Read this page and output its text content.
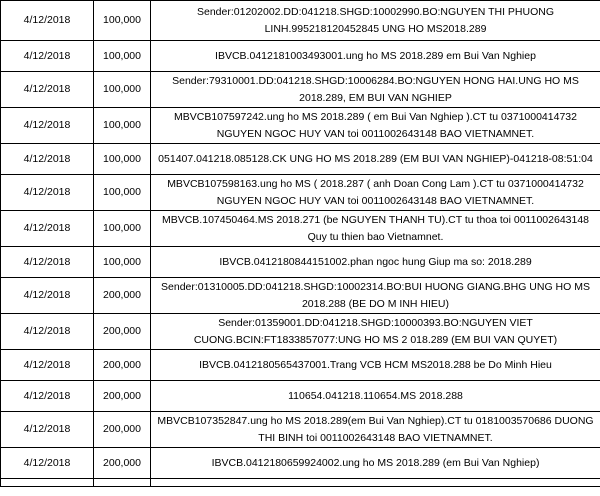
4/12/2018	100,000	Sender:01202002.DD:041218.SHGD:10002990.BO:NGUYEN THI PHUONG LINH.995218120452845 UNG HO MS2018.289
4/12/2018	100,000	IBVCB.0412181003493001.ung ho MS 2018.289 em Bui Van Nghiep
4/12/2018	100,000	Sender:79310001.DD:041218.SHGD:10006284.BO:NGUYEN HONG HAI.UNG HO MS 2018.289, EM BUI VAN NGHIEP
4/12/2018	100,000	MBVCB107597242.ung ho MS 2018.289 ( em Bui Van Nghiep ).CT tu 0371000414732 NGUYEN NGOC HUY VAN toi 0011002643148 BAO VIETNAMNET.
4/12/2018	100,000	051407.041218.085128.CK UNG HO MS 2018.289 (EM BUI VAN NGHIEP)-041218-08:51:04
4/12/2018	100,000	MBVCB107598163.ung ho MS ( 2018.287 ( anh Doan Cong Lam ).CT tu 0371000414732 NGUYEN NGOC HUY VAN toi 0011002643148 BAO VIETNAMNET.
4/12/2018	100,000	MBVCB.107450464.MS 2018.271 (be NGUYEN THANH TU).CT tu thoa toi 0011002643148 Quy tu thien bao Vietnamnet.
4/12/2018	100,000	IBVCB.0412180844151002.phan ngoc hung Giup ma so: 2018.289
4/12/2018	200,000	Sender:01310005.DD:041218.SHGD:10002314.BO:BUI HUONG GIANG.BHG UNG HO MS 2018.288 (BE DO M INH HIEU)
4/12/2018	200,000	Sender:01359001.DD:041218.SHGD:10000393.BO:NGUYEN VIET CUONG.BCIN:FT1833857077:UNG HO MS 2 018.289 (EM BUI VAN QUYET)
4/12/2018	200,000	IBVCB.0412180565437001.Trang VCB HCM MS2018.288 be Do Minh Hieu
4/12/2018	200,000	110654.041218.110654.MS 2018.288
4/12/2018	200,000	MBVCB107352847.ung ho MS 2018.289(em Bui Van Nghiep).CT tu 0181003570686 DUONG THI BINH toi 0011002643148 BAO VIETNAMNET.
4/12/2018	200,000	IBVCB.0412180659924002.ung ho MS 2018.289 (em Bui Van Nghiep)
